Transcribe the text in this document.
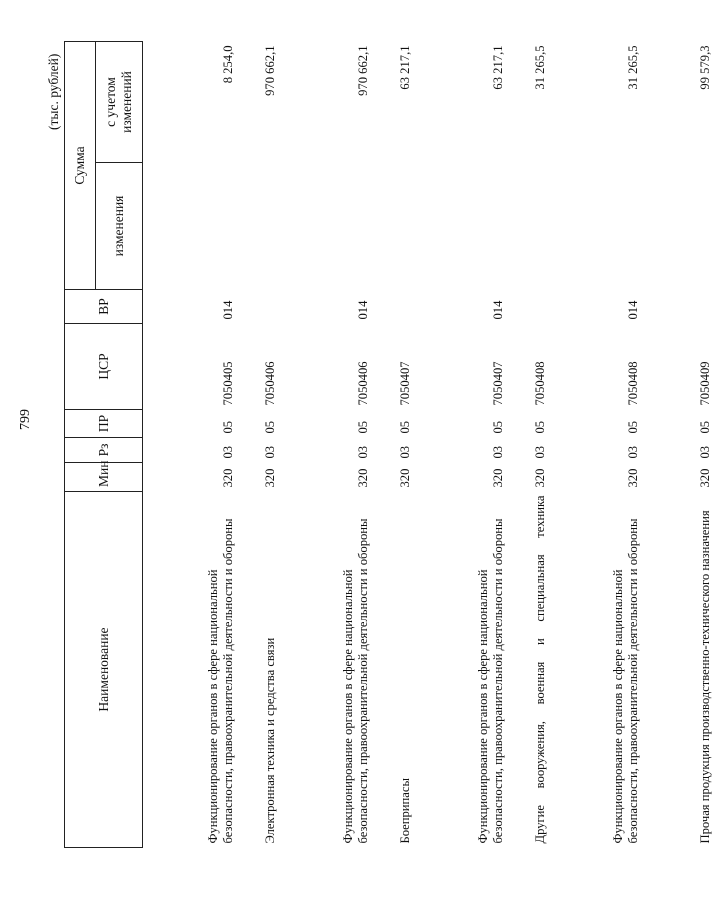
799
(тыс. рублей)
Наименование	Мин	Рз	ПР	ЦСР	ВР	Сумма	
						изменения	с учетом изменений
Функционирование органов в сфере национальной безопасности, правоохранительной деятельности и обороны	320	03	05	7050405	014		8 254,0
Электронная техника и средства связи	320	03	05	7050406			970 662,1
Функционирование органов в сфере национальной безопасности, правоохранительной деятельности и обороны	320	03	05	7050406	014		970 662,1
Боеприпасы	320	03	05	7050407			63 217,1
Функционирование органов в сфере национальной безопасности, правоохранительной деятельности и обороны	320	03	05	7050407	014		63 217,1
Другие вооружения, военная и специальная техника	320	03	05	7050408			31 265,5
Функционирование органов в сфере национальной безопасности, правоохранительной деятельности и обороны	320	03	05	7050408	014		31 265,5
Прочая продукция производственно-технического назначения	320	03	05	7050409			99 579,3
